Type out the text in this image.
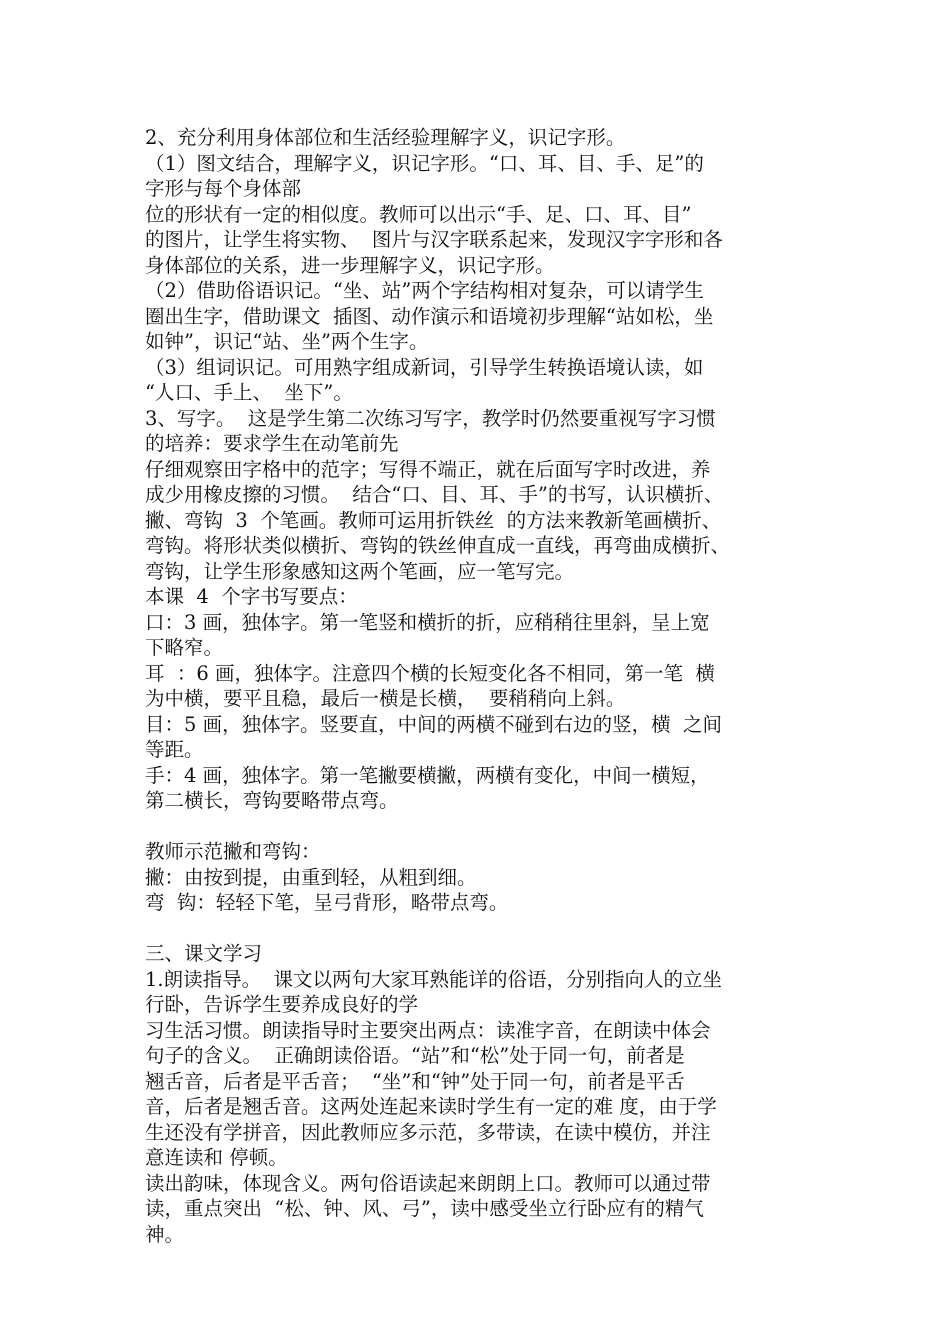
2、充分利用身体部位和生活经验理解字义，识记字形。
（1）图文结合，理解字义，识记字形。“口、耳、目、手、足”的
字形与每个身体部
位的形状有一定的相似度。教师可以出示“手、足、口、耳、目”
的图片，让学生将实物、  图片与汉字联系起来，发现汉字字形和各
身体部位的关系，进一步理解字义，识记字形。
（2）借助俗语识记。“坐、站”两个字结构相对复杂，可以请学生
圈出生字，借助课文  插图、动作演示和语境初步理解“站如松，坐
如钟”，识记“站、坐”两个生字。
（3）组词识记。可用熟字组成新词，引导学生转换语境认读，如
“人口、手上、  坐下”。
3、写字。  这是学生第二次练习写字，教学时仍然要重视写字习惯
的培养：要求学生在动笔前先
仔细观察田字格中的范字；写得不端正，就在后面写字时改进，养
成少用橡皮擦的习惯。  结合“口、目、耳、手”的书写，认识横折、
撇、弯钩  3  个笔画。教师可运用折铁丝  的方法来教新笔画横折、
弯钩。将形状类似横折、弯钩的铁丝伸直成一直线，再弯曲成横折、
弯钩，让学生形象感知这两个笔画，应一笔写完。
本课  4  个字书写要点：
口：3 画，独体字。第一笔竖和横折的折，应稍稍往里斜，呈上宽
下略窄。
耳  ：6 画，独体字。注意四个横的长短变化各不相同，第一笔  横
为中横，要平且稳，最后一横是长横，  要稍稍向上斜。
目：5 画，独体字。竖要直，中间的两横不碰到右边的竖，横  之间
等距。
手：4 画，独体字。第一笔撇要横撇，两横有变化，中间一横短，
第二横长，弯钩要略带点弯。
教师示范撇和弯钩：
撇：由按到提，由重到轻，从粗到细。
弯  钩：轻轻下笔，呈弓背形，略带点弯。
三、课文学习
1.朗读指导。  课文以两句大家耳熟能详的俗语，分别指向人的立坐
行卧，告诉学生要养成良好的学
习生活习惯。朗读指导时主要突出两点：读准字音，在朗读中体会
句子的含义。  正确朗读俗语。“站”和“松”处于同一句，前者是
翘舌音，后者是平舌音；  “坐”和“钟”处于同一句，前者是平舌
音，后者是翘舌音。这两处连起来读时学生有一定的难 度，由于学
生还没有学拼音，因此教师应多示范，多带读，在读中模仿，并注
意连读和 停顿。
读出韵味，体现含义。两句俗语读起来朗朗上口。教师可以通过带
读，重点突出  “松、钟、风、弓”，读中感受坐立行卧应有的精气
神。
